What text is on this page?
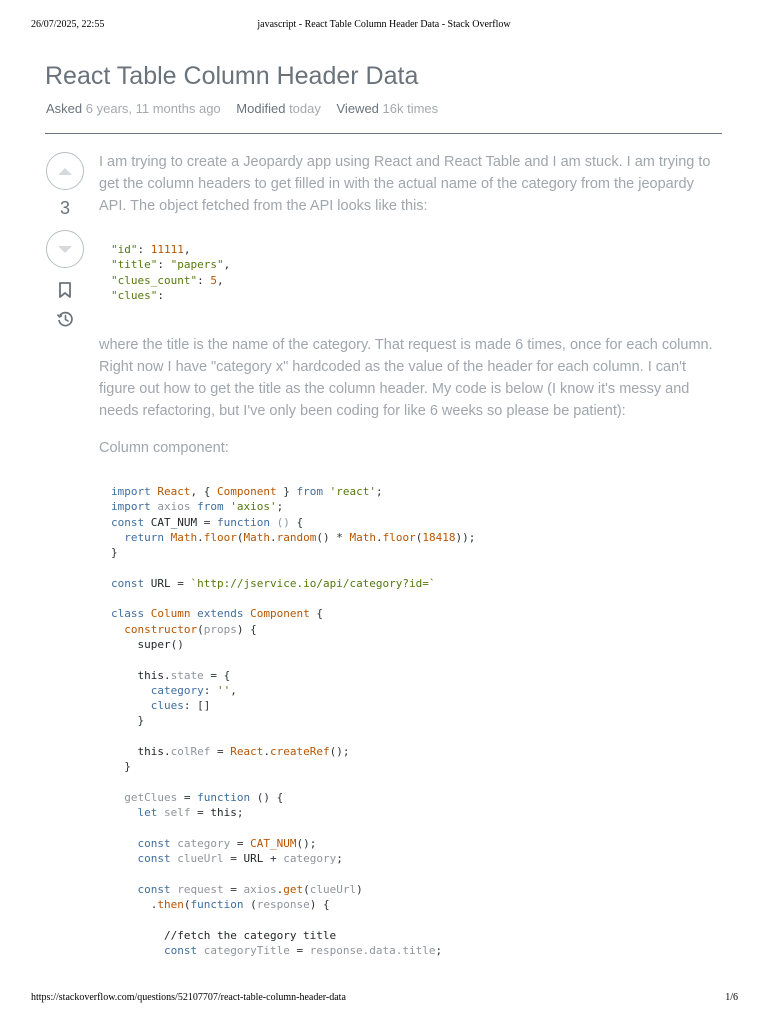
26/07/2025, 22:55	javascript - React Table Column Header Data - Stack Overflow
React Table Column Header Data
Asked 6 years, 11 months ago Modified today Viewed 16k times
3

I am trying to create a Jeopardy app using React and React Table and I am stuck. I am trying to get the column headers to get filled in with the actual name of the category from the jeopardy API. The object fetched from the API looks like this:

"id": 11111,
"title": "papers",
"clues_count": 5,
"clues":

where the title is the name of the category. That request is made 6 times, once for each column. Right now I have "category x" hardcoded as the value of the header for each column. I can't figure out how to get the title as the column header. My code is below (I know it's messy and needs refactoring, but I've only been coding for like 6 weeks so please be patient):

Column component:

import React, { Component } from 'react';
import axios from 'axios';
const CAT_NUM = function () {
return Math.floor(Math.random() * Math.floor(18418));
}

const URL = `http://jservice.io/api/category?id=`

class Column extends Component {
constructor(props) {
super()

this.state = {
category: '',
clues: []
}

this.colRef = React.createRef();
}

getClues = function () {
let self = this;

const category = CAT_NUM();
const clueUrl = URL + category;

const request = axios.get(clueUrl)
.then(function (response) {

//fetch the category title
const categoryTitle = response.data.title;
https://stackoverflow.com/questions/52107707/react-table-column-header-data	1/6
